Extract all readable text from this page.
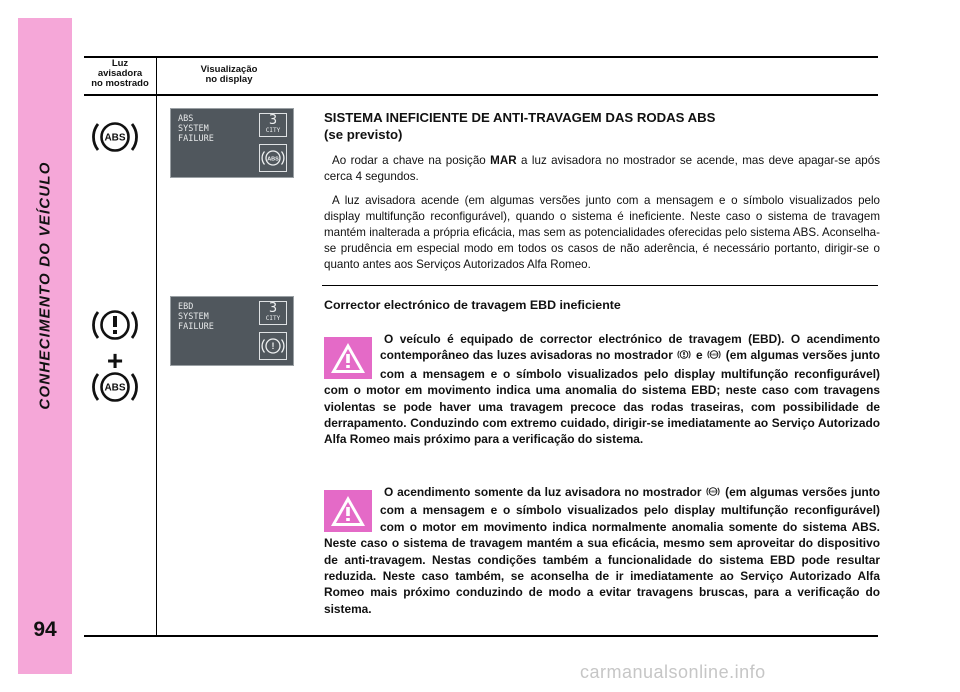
CONHECIMENTO DO VEÍCULO
94
Luz
avisadora
no mostrado
Visualização
no display
ABS
ABS
SYSTEM
FAILURE
3
CITY
ABS
SISTEMA INEFICIENTE DE ANTI-TRAVAGEM DAS RODAS ABS
(se previsto)

Ao rodar a chave na posição MAR a luz avisadora no mostrador se acende, mas deve apagar-se após cerca 4 segundos.

A luz avisadora acende (em algumas versões junto com a mensagem e o símbolo visualizados pelo display multifunção reconfigurável), quando o sistema é ineficiente. Neste caso o sistema de travagem mantém inalterada a própria eficácia, mas sem as potencialidades oferecidas pelo sistema ABS. Aconselha-se prudência em especial modo em todos os casos de não aderência, é necessário portanto, dirigir-se o quanto antes aos Serviços Autorizados Alfa Romeo.

+
ABS
EBD
SYSTEM
FAILURE
3
CITY
!

Corrector electrónico de travagem EBD ineficiente

O veículo é equipado de corrector electrónico de travagem (EBD). O acendimento contemporâneo das luzes avisadoras no mostrador  e ABS (em algumas versões junto com a mensagem e o símbolo visualizados pelo display multifunção reconfigurável) com o motor em movimento indica uma anomalia do sistema EBD; neste caso com travagens violentas se pode haver uma travagem precoce das rodas traseiras, com possibilidade de derrapamento. Conduzindo com extremo cuidado, dirigir-se imediatamente ao Serviço Autorizado Alfa Romeo mais próximo para a verificação do sistema.
O acendimento somente da luz avisadora no mostrador ABS (em algumas versões junto com a mensagem e o símbolo visualizados pelo display multifunção reconfigurável) com o motor em movimento indica normalmente anomalia somente do sistema ABS. Neste caso o sistema de travagem mantém a sua eficácia, mesmo sem aproveitar do dispositivo de anti-travagem. Nestas condições também a funcionalidade do sistema EBD pode resultar reduzida. Neste caso também, se aconselha de ir imediatamente ao Serviço Autorizado Alfa Romeo mais próximo conduzindo de modo a evitar travagens bruscas, para a verificação do sistema.
carmanualsonline.info
